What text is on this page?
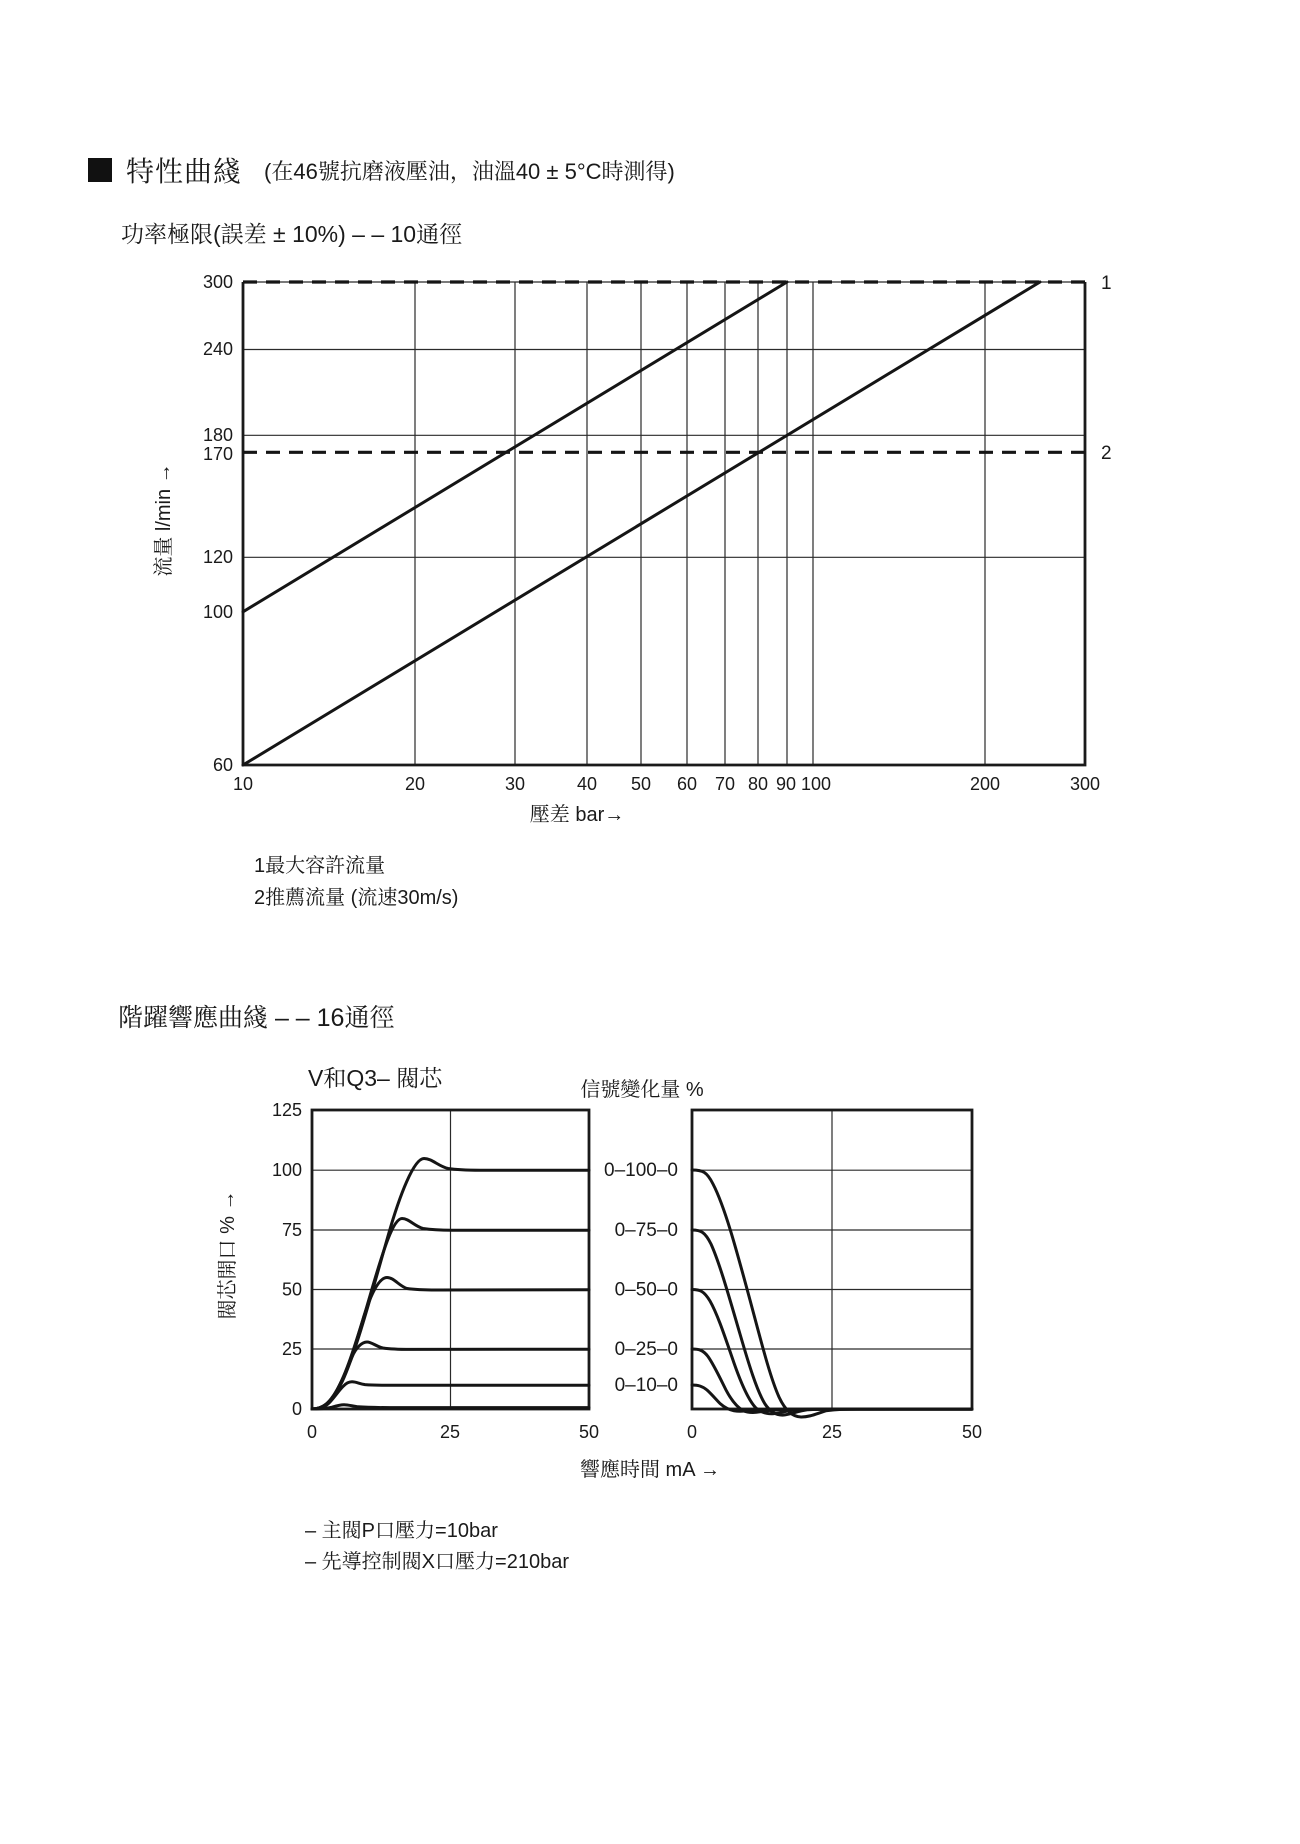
特性曲綫 (在46號抗磨液壓油，油溫40 ± 5°C時測得)
功率極限(誤差 ± 10%) – – 10通徑
300
240
180
170
120
100
60
10	20	30	40 50 60 70 80 90 100	200	300
流量 l/min →
壓差 bar→
1
2
信號變化量 %
125
100
75
50
25
0
0	25	50	0	25	50
0–100–0
0–75–0
0–50–0
0–25–0
0–10–0
閥芯開口 % →
響應時間 mA →
1最大容許流量
2推薦流量 (流速30m/s)
階躍響應曲綫 – – 16通徑
V和Q3– 閥芯
– 主閥P口壓力=10bar
– 先導控制閥X口壓力=210bar
